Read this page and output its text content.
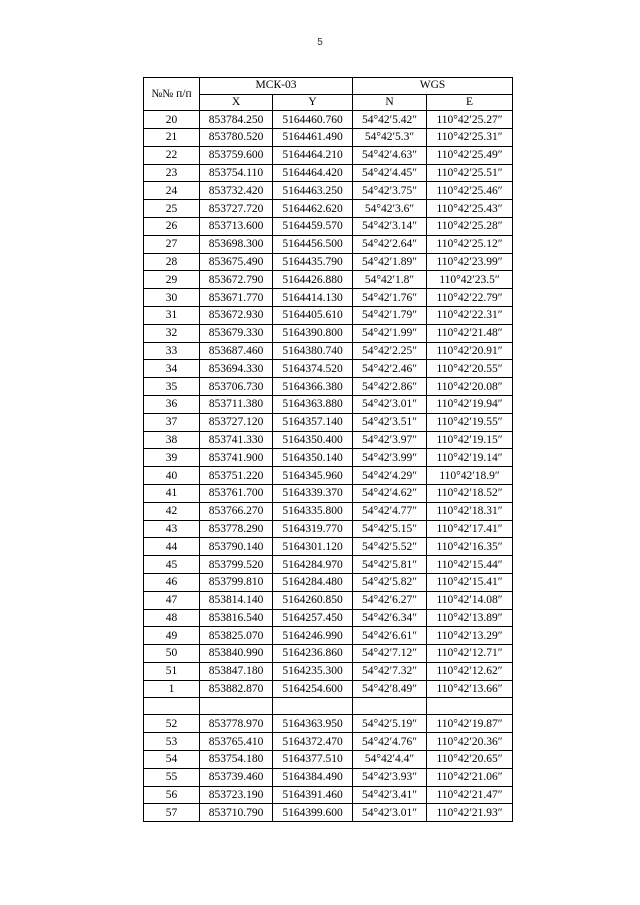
5
№№ п/п	МСК-03		WGS	
	X	Y	N	E
20	853784.250	5164460.760	54°42′5.42″	110°42′25.27″
21	853780.520	5164461.490	54°42′5.3″	110°42′25.31″
22	853759.600	5164464.210	54°42′4.63″	110°42′25.49″
23	853754.110	5164464.420	54°42′4.45″	110°42′25.51″
24	853732.420	5164463.250	54°42′3.75″	110°42′25.46″
25	853727.720	5164462.620	54°42′3.6″	110°42′25.43″
26	853713.600	5164459.570	54°42′3.14″	110°42′25.28″
27	853698.300	5164456.500	54°42′2.64″	110°42′25.12″
28	853675.490	5164435.790	54°42′1.89″	110°42′23.99″
29	853672.790	5164426.880	54°42′1.8″	110°42′23.5″
30	853671.770	5164414.130	54°42′1.76″	110°42′22.79″
31	853672.930	5164405.610	54°42′1.79″	110°42′22.31″
32	853679.330	5164390.800	54°42′1.99″	110°42′21.48″
33	853687.460	5164380.740	54°42′2.25″	110°42′20.91″
34	853694.330	5164374.520	54°42′2.46″	110°42′20.55″
35	853706.730	5164366.380	54°42′2.86″	110°42′20.08″
36	853711.380	5164363.880	54°42′3.01″	110°42′19.94″
37	853727.120	5164357.140	54°42′3.51″	110°42′19.55″
38	853741.330	5164350.400	54°42′3.97″	110°42′19.15″
39	853741.900	5164350.140	54°42′3.99″	110°42′19.14″
40	853751.220	5164345.960	54°42′4.29″	110°42′18.9″
41	853761.700	5164339.370	54°42′4.62″	110°42′18.52″
42	853766.270	5164335.800	54°42′4.77″	110°42′18.31″
43	853778.290	5164319.770	54°42′5.15″	110°42′17.41″
44	853790.140	5164301.120	54°42′5.52″	110°42′16.35″
45	853799.520	5164284.970	54°42′5.81″	110°42′15.44″
46	853799.810	5164284.480	54°42′5.82″	110°42′15.41″
47	853814.140	5164260.850	54°42′6.27″	110°42′14.08″
48	853816.540	5164257.450	54°42′6.34″	110°42′13.89″
49	853825.070	5164246.990	54°42′6.61″	110°42′13.29″
50	853840.990	5164236.860	54°42′7.12″	110°42′12.71″
51	853847.180	5164235.300	54°42′7.32″	110°42′12.62″
1	853882.870	5164254.600	54°42′8.49″	110°42′13.66″

52	853778.970	5164363.950	54°42′5.19″	110°42′19.87″
53	853765.410	5164372.470	54°42′4.76″	110°42′20.36″
54	853754.180	5164377.510	54°42′4.4″	110°42′20.65″
55	853739.460	5164384.490	54°42′3.93″	110°42′21.06″
56	853723.190	5164391.460	54°42′3.41″	110°42′21.47″
57	853710.790	5164399.600	54°42′3.01″	110°42′21.93″
